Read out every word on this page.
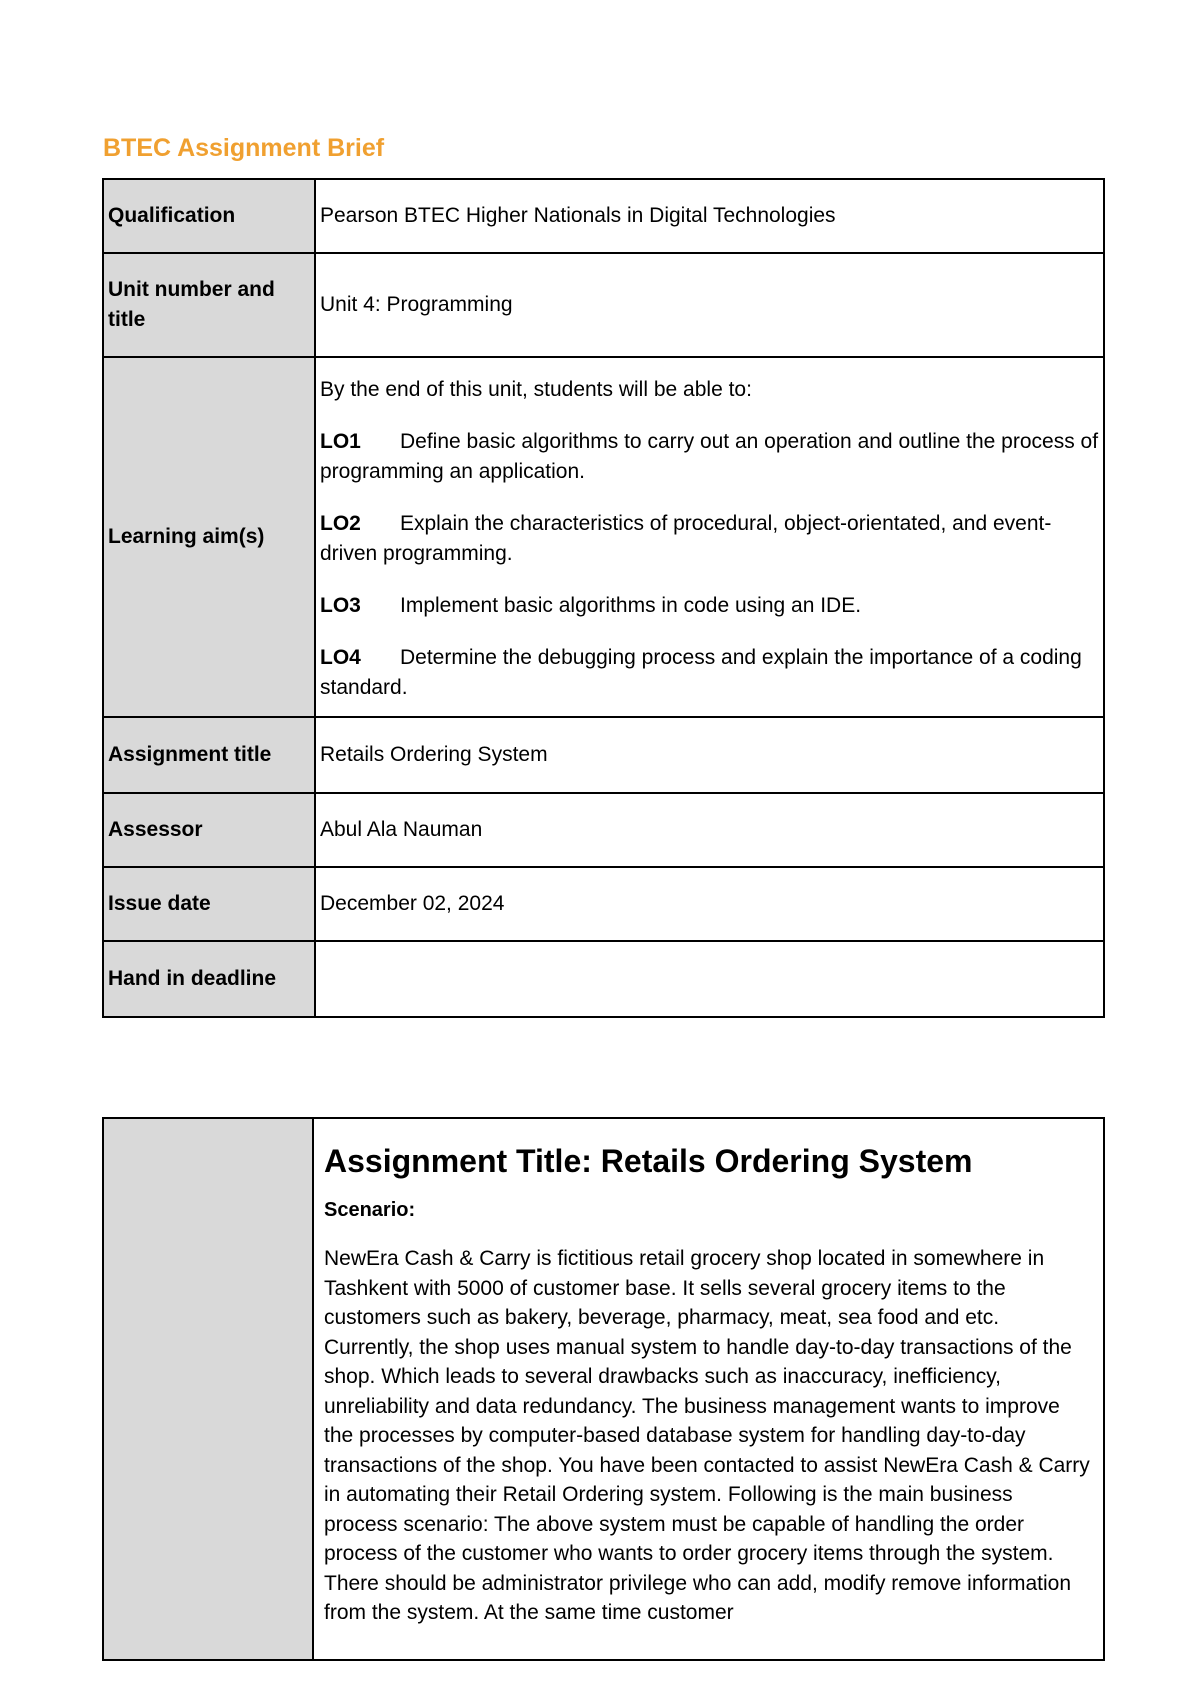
BTEC Assignment Brief
Qualification	Pearson BTEC Higher Nationals in Digital Technologies
Unit number and title	Unit 4: Programming
Learning aim(s)	By the end of this unit, students will be able to:

LO1 Define basic algorithms to carry out an operation and outline the process of programming an application.

LO2 Explain the characteristics of procedural, object-orientated, and event-driven programming.

LO3 Implement basic algorithms in code using an IDE.

LO4 Determine the debugging process and explain the importance of a coding standard.

Assignment title	Retails Ordering System
Assessor	Abul Ala Nauman
Issue date	December 02, 2024
Hand in deadline	
Assignment Title: Retails Ordering System

Scenario:

NewEra Cash & Carry is fictitious retail grocery shop located in somewhere in Tashkent with 5000 of customer base. It sells several grocery items to the customers such as bakery, beverage, pharmacy, meat, sea food and etc. Currently, the shop uses manual system to handle day-to-day transactions of the shop. Which leads to several drawbacks such as inaccuracy, inefficiency, unreliability and data redundancy. The business management wants to improve the processes by computer-based database system for handling day-to-day transactions of the shop. You have been contacted to assist NewEra Cash & Carry in automating their Retail Ordering system. Following is the main business process scenario: The above system must be capable of handling the order process of the customer who wants to order grocery items through the system. There should be administrator privilege who can add, modify remove information from the system. At the same time customer
